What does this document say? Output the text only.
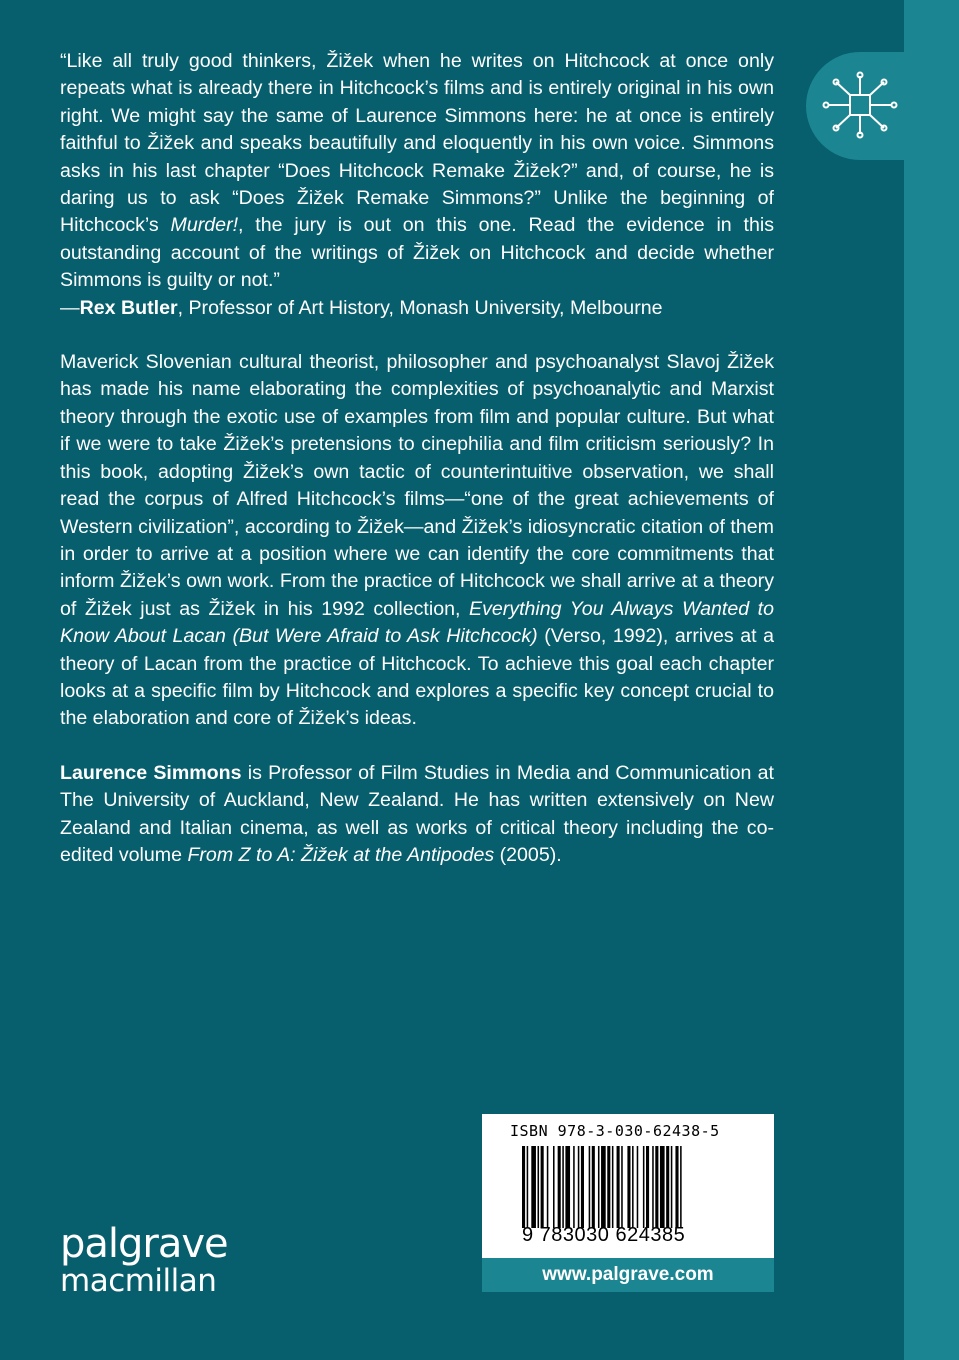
“Like all truly good thinkers, Žižek when he writes on Hitchcock at once only repeats what is already there in Hitchcock’s films and is entirely original in his own right. We might say the same of Laurence Simmons here: he at once is entirely faithful to Žižek and speaks beautifully and eloquently in his own voice. Simmons asks in his last chapter “Does Hitchcock Remake Žižek?” and, of course, he is daring us to ask “Does Žižek Remake Simmons?” Unlike the beginning of Hitchcock’s Murder!, the jury is out on this one. Read the evidence in this outstanding account of the writings of Žižek on Hitchcock and decide whether Simmons is guilty or not.”

—Rex Butler, Professor of Art History, Monash University, Melbourne

Maverick Slovenian cultural theorist, philosopher and psychoanalyst Slavoj Žižek has made his name elaborating the complexities of psychoanalytic and Marxist theory through the exotic use of examples from film and popular culture. But what if we were to take Žižek’s pretensions to cinephilia and film criticism seriously? In this book, adopting Žižek’s own tactic of counterintuitive observation, we shall read the corpus of Alfred Hitchcock’s films—“one of the great achievements of Western civilization”, according to Žižek—and Žižek’s idiosyncratic citation of them in order to arrive at a position where we can identify the core commitments that inform Žižek’s own work. From the practice of Hitchcock we shall arrive at a theory of Žižek just as Žižek in his 1992 collection, Everything You Always Wanted to Know About Lacan (But Were Afraid to Ask Hitchcock) (Verso, 1992), arrives at a theory of Lacan from the practice of Hitchcock. To achieve this goal each chapter looks at a specific film by Hitchcock and explores a specific key concept crucial to the elaboration and core of Žižek’s ideas.

Laurence Simmons is Professor of Film Studies in Media and Communication at The University of Auckland, New Zealand. He has written extensively on New Zealand and Italian cinema, as well as works of critical theory including the co-edited volume From Z to A: Žižek at the Antipodes (2005).

palgrave
macmillan
ISBN 978-3-030-62438-5
9 783030 624385
www.palgrave.com
